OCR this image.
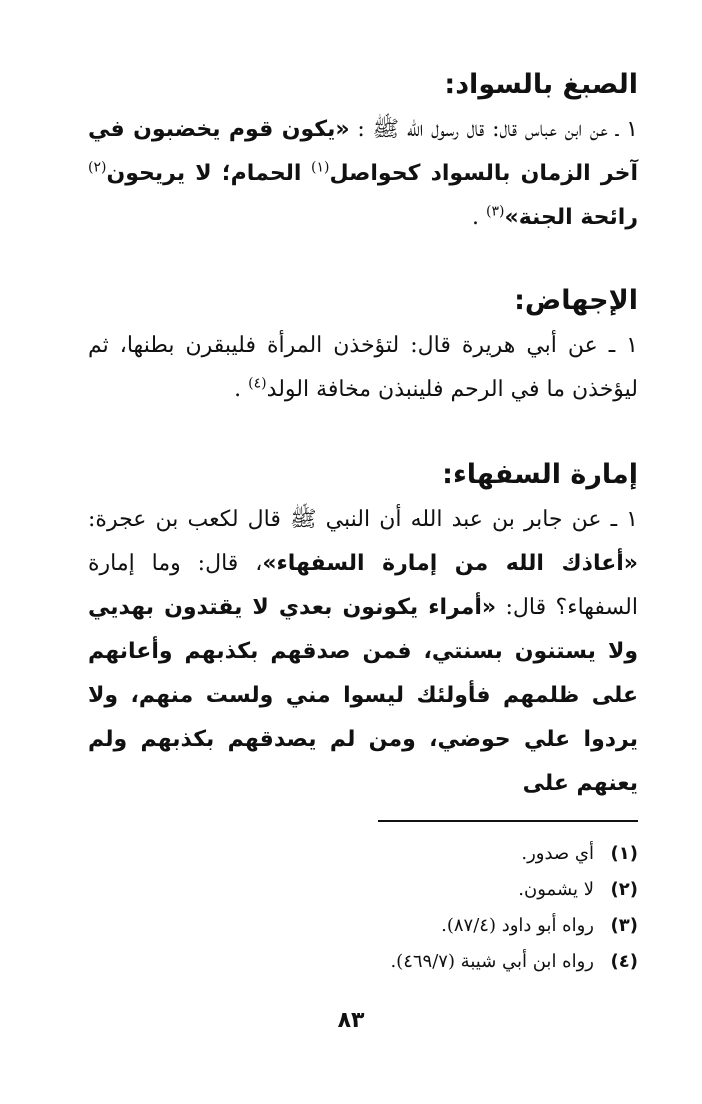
الصبغ بالسواد:

١ ـ عن ابن عباس قال: قال رسول الله ﷺ : «يكون قوم يخضبون في آخر الزمان بالسواد كحواصل$^{(١)}$ الحمام؛ لا يريحون$^{(٢)}$ رائحة الجنة»$^{(٣)}$ .

الإجهاض:

١ ـ عن أبي هريرة قال: لتؤخذن المرأة فليبقرن بطنها، ثم ليؤخذن ما في الرحم فلينبذن مخافة الولد$^{(٤)}$ .

إمارة السفهاء:

١ ـ عن جابر بن عبد الله أن النبي ﷺ قال لكعب بن عجرة: «أعاذك الله من إمارة السفهاء»، قال: وما إمارة السفهاء؟ قال: «أمراء يكونون بعدي لا يقتدون بهديي ولا يستنون بسنتي، فمن صدقهم بكذبهم وأعانهم على ظلمهم فأولئك ليسوا مني ولست منهم، ولا يردوا علي حوضي، ومن لم يصدقهم بكذبهم ولم يعنهم على

(١)
أي صدور.
(٢)
لا يشمون.
(٣)
رواه أبو داود (٨٧/٤).
(٤)
رواه ابن أبي شيبة (٤٦٩/٧).
٨٣
